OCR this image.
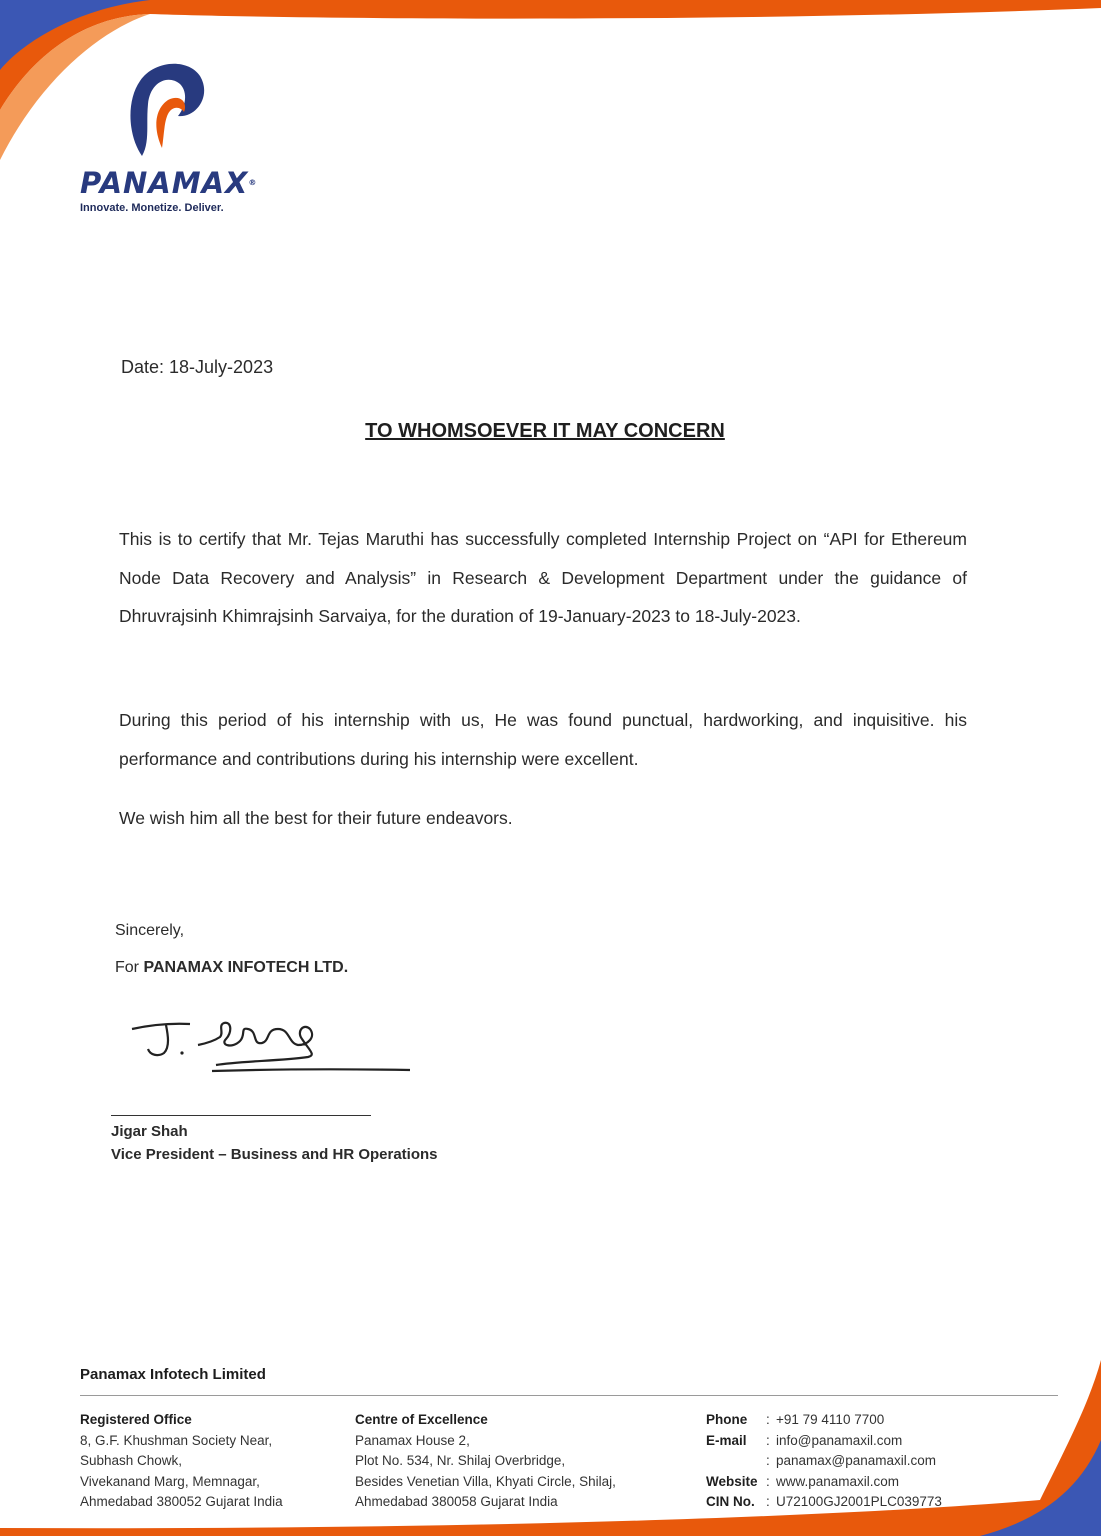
PANAMAX®
Innovate. Monetize. Deliver.
Date: 18-July-2023
TO WHOMSOEVER IT MAY CONCERN
This is to certify that Mr. Tejas Maruthi has successfully completed Internship Project on “API for Ethereum Node Data Recovery and Analysis” in Research & Development Department under the guidance of Dhruvrajsinh Khimrajsinh Sarvaiya, for the duration of 19-January-2023 to 18-July-2023.
During this period of his internship with us, He was found punctual, hardworking, and inquisitive. his performance and contributions during his internship were excellent.
We wish him all the best for their future endeavors.
Sincerely,
For PANAMAX INFOTECH LTD.
Jigar Shah
Vice President – Business and HR Operations
Panamax Infotech Limited
Registered Office
8, G.F. Khushman Society Near,
Subhash Chowk,
Vivekanand Marg, Memnagar,
Ahmedabad 380052 Gujarat India
Centre of Excellence
Panamax House 2,
Plot No. 534, Nr. Shilaj Overbridge,
Besides Venetian Villa, Khyati Circle, Shilaj,
Ahmedabad 380058 Gujarat India
Phone	: +91 79 4110 7700
E-mail	: info@panamaxil.com
: panamax@panamaxil.com
Website : www.panamaxil.com
CIN No. : U72100GJ2001PLC039773
